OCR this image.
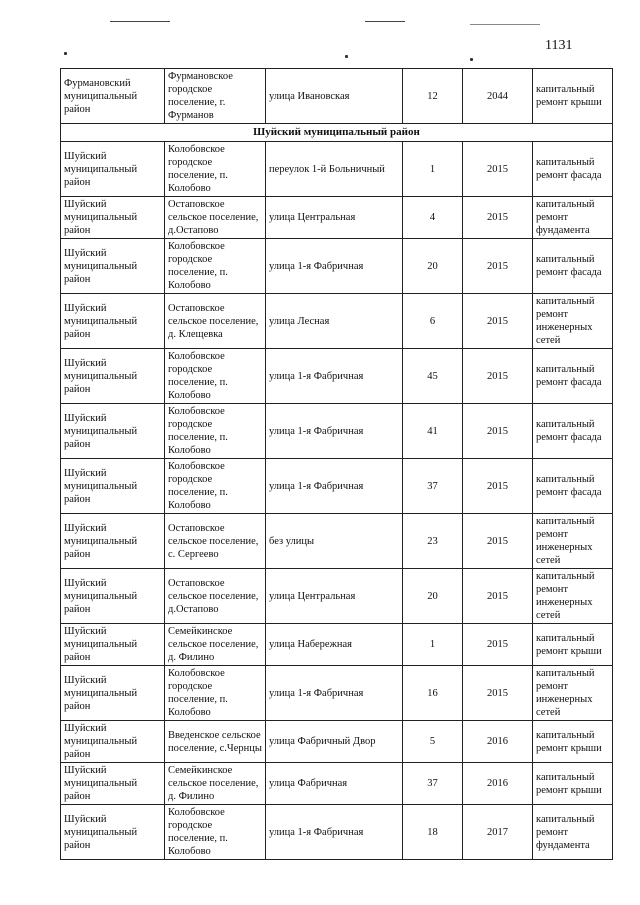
1131
Фурмановский муниципальный район	Фурмановское городское поселение, г. Фурманов	улица Ивановская	12	2044	капитальный ремонт крыши
Шуйский муниципальный район					
Шуйский муниципальный район	Колобовское городское поселение, п. Колобово	переулок 1-й Больничный	1	2015	капитальный ремонт фасада
Шуйский муниципальный район	Остаповское сельское поселение, д.Остапово	улица Центральная	4	2015	капитальный ремонт фундамента
Шуйский муниципальный район	Колобовское городское поселение, п. Колобово	улица 1-я Фабричная	20	2015	капитальный ремонт фасада
Шуйский муниципальный район	Остаповское сельское поселение, д. Клещевка	улица Лесная	6	2015	капитальный ремонт инженерных сетей
Шуйский муниципальный район	Колобовское городское поселение, п. Колобово	улица 1-я Фабричная	45	2015	капитальный ремонт фасада
Шуйский муниципальный район	Колобовское городское поселение, п. Колобово	улица 1-я Фабричная	41	2015	капитальный ремонт фасада
Шуйский муниципальный район	Колобовское городское поселение, п. Колобово	улица 1-я Фабричная	37	2015	капитальный ремонт фасада
Шуйский муниципальный район	Остаповское сельское поселение, с. Сергеево	без улицы	23	2015	капитальный ремонт инженерных сетей
Шуйский муниципальный район	Остаповское сельское поселение, д.Остапово	улица Центральная	20	2015	капитальный ремонт инженерных сетей
Шуйский муниципальный район	Семейкинское сельское поселение, д. Филино	улица Набережная	1	2015	капитальный ремонт крыши
Шуйский муниципальный район	Колобовское городское поселение, п. Колобово	улица 1-я Фабричная	16	2015	капитальный ремонт инженерных сетей
Шуйский муниципальный район	Введенское сельское поселение, с.Чернцы	улица Фабричный Двор	5	2016	капитальный ремонт крыши
Шуйский муниципальный район	Семейкинское сельское поселение, д. Филино	улица Фабричная	37	2016	капитальный ремонт крыши
Шуйский муниципальный район	Колобовское городское поселение, п. Колобово	улица 1-я Фабричная	18	2017	капитальный ремонт фундамента
